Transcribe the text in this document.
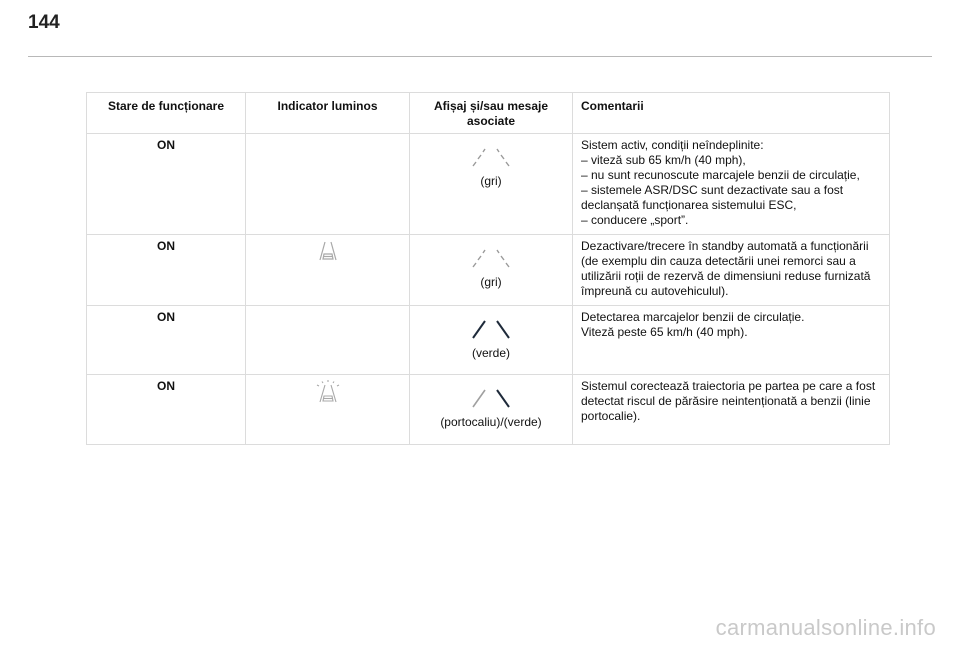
144
Stare de funcționare	Indicator luminos	Afișaj și/sau mesaje asociate	Comentarii
ON		(gri)	Sistem activ, condiții neîndeplinite:
– viteză sub 65 km/h (40 mph),
– nu sunt recunoscute marcajele benzii de circulație,
– sistemele ASR/DSC sunt dezactivate sau a fost declanșată funcționarea sistemului ESC,
– conducere „sport”.

ON		(gri)	Dezactivare/trecere în standby automată a funcționării (de exemplu din cauza detectării unei remorci sau a utilizării roții de rezervă de dimensiuni reduse furnizată împreună cu autovehiculul).

ON		(verde)	Detectarea marcajelor benzii de circulație.
Viteză peste 65 km/h (40 mph).

ON		(portocaliu)/(verde)	Sistemul corectează traiectoria pe partea pe care a fost detectat riscul de părăsire neintenționată a benzii (linie portocalie).
carmanualsonline.info
